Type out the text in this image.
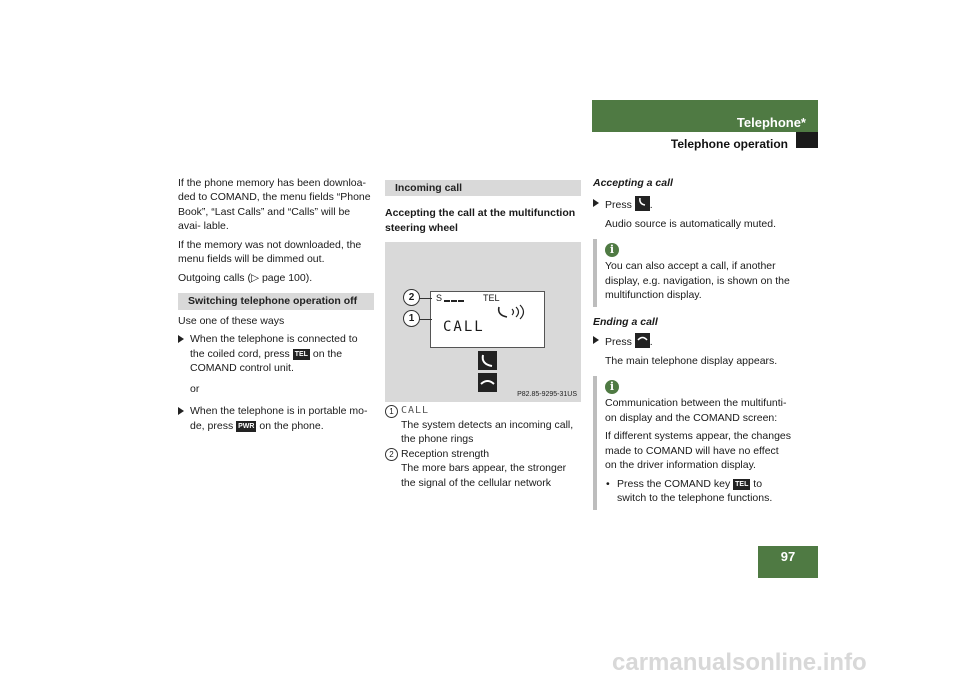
Telephone*
Telephone operation
97

If the phone memory has been downloa- ded to COMAND, the menu fields “Phone Book”, “Last Calls” and “Calls” will be avai- lable.

If the memory was not downloaded, the menu fields will be dimmed out.

Outgoing calls (▷ page 100).

Switching telephone operation off

Use one of these ways

When the telephone is connected to the coiled cord, press TEL on the COMAND control unit.

or

When the telephone is in portable mo- de, press PWR on the phone.
Incoming call

Accepting the call at the multifunction steering wheel

S	TEL
CALL
2
1
P82.85-9295-31US
1 CALL
The system detects an incoming call, the phone rings
2 Reception strength
The more bars appear, the stronger the signal of the cellular network

Accepting a call

Press .

Audio source is automatically muted.

i

You can also accept a call, if another display, e.g. navigation, is shown on the multifunction display.

Ending a call

Press .

The main telephone display appears.

i

Communication between the multifunti- on display and the COMAND screen:

If different systems appear, the changes made to COMAND will have no effect on the driver information display.

• Press the COMAND key TEL to switch to the telephone functions.
carmanualsonline.info
